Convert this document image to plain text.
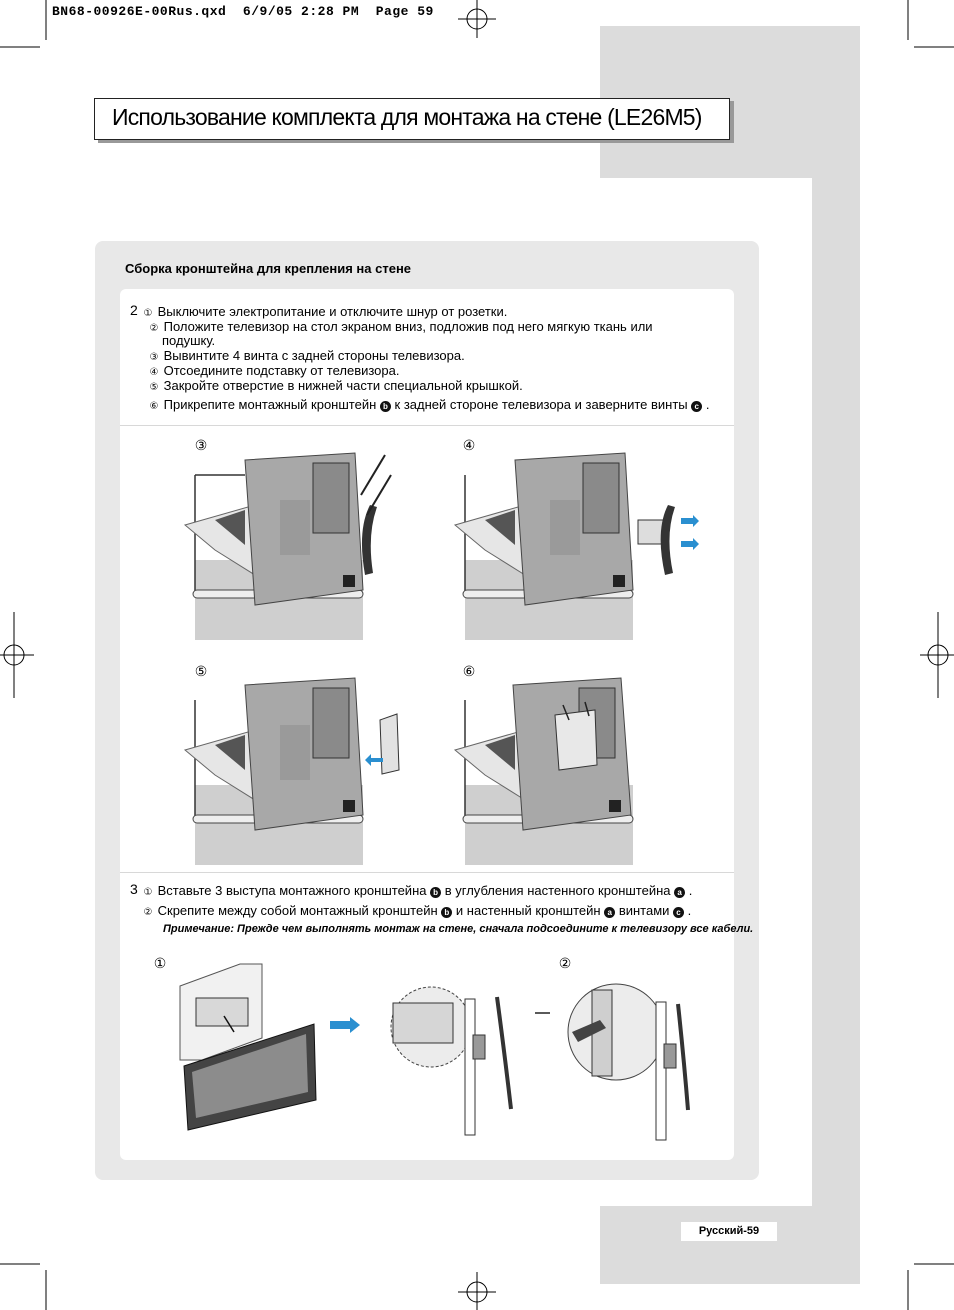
BN68-00926E-00Rus.qxd  6/9/05 2:28 PM  Page 59
Использование комплекта для монтажа на стене (LE26M5)
Сборка кронштейна для крепления на стене
2 ① Выключите электропитание и отключите шнур от розетки.
② Положите телевизор на стол экраном вниз, подложив под него мягкую ткань или
подушку.
③ Вывинтите 4 винта с задней стороны телевизора.
④ Отсоедините подставку от телевизора.
⑤ Закройте отверстие в нижней части специальной крышкой.
⑥ Прикрепите монтажный кронштейн b к задней стороне телевизора и заверните винты c .
③	④
⑤	⑥
3 ① Вставьте 3 выступа монтажного кронштейна b в углубления настенного кронштейна a .
② Скрепите между собой монтажный кронштейн b и настенный кронштейн a винтами c .
Примечание: Прежде чем выполнять монтаж на стене, сначала подсоедините к телевизору все кабели.
①	②
Русский-59
